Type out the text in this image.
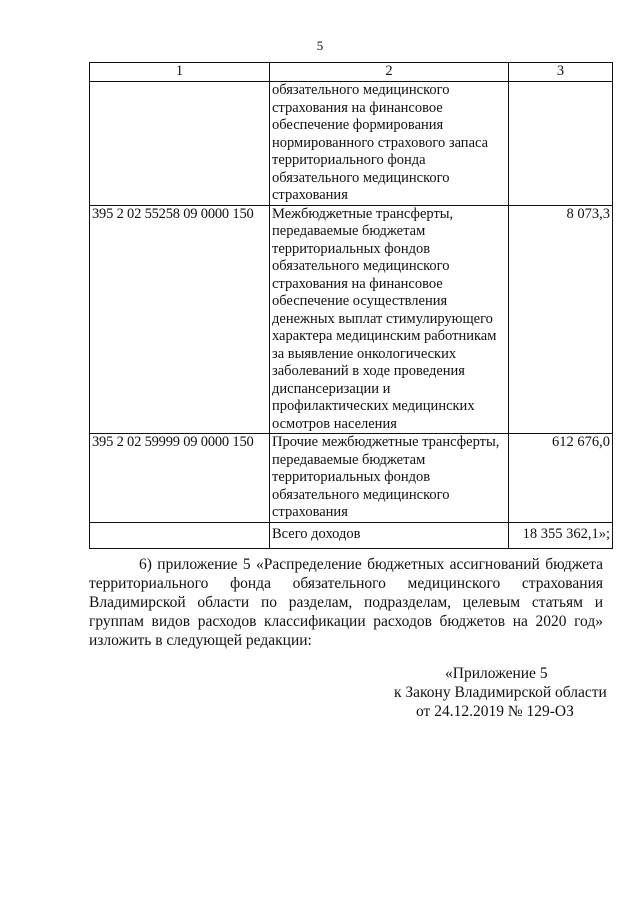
5
1	2	3
	обязательного медицинского страхования на финансовое обеспечение формирования нормированного страхового запаса территориального фонда обязательного медицинского страхования	
395 2 02 55258 09 0000 150	Межбюджетные трансферты, передаваемые бюджетам территориальных фондов обязательного медицинского страхования на финансовое обеспечение осуществления денежных выплат стимулирующего характера медицинским работникам за выявление онкологических заболеваний в ходе проведения диспансеризации и профилактических медицинских осмотров населения	8 073,3
395 2 02 59999 09 0000 150	Прочие межбюджетные трансферты, передаваемые бюджетам территориальных фондов обязательного медицинского страхования	612 676,0
	Всего доходов	18 355 362,1»;
6) приложение 5 «Распределение бюджетных ассигнований бюджета территориального фонда обязательного медицинского страхования Владимирской области по разделам, подразделам, целевым статьям и группам видов расходов классификации расходов бюджетов на 2020 год» изложить в следующей редакции:
«Приложение 5
к Закону Владимирской области
от 24.12.2019 № 129-ОЗ
